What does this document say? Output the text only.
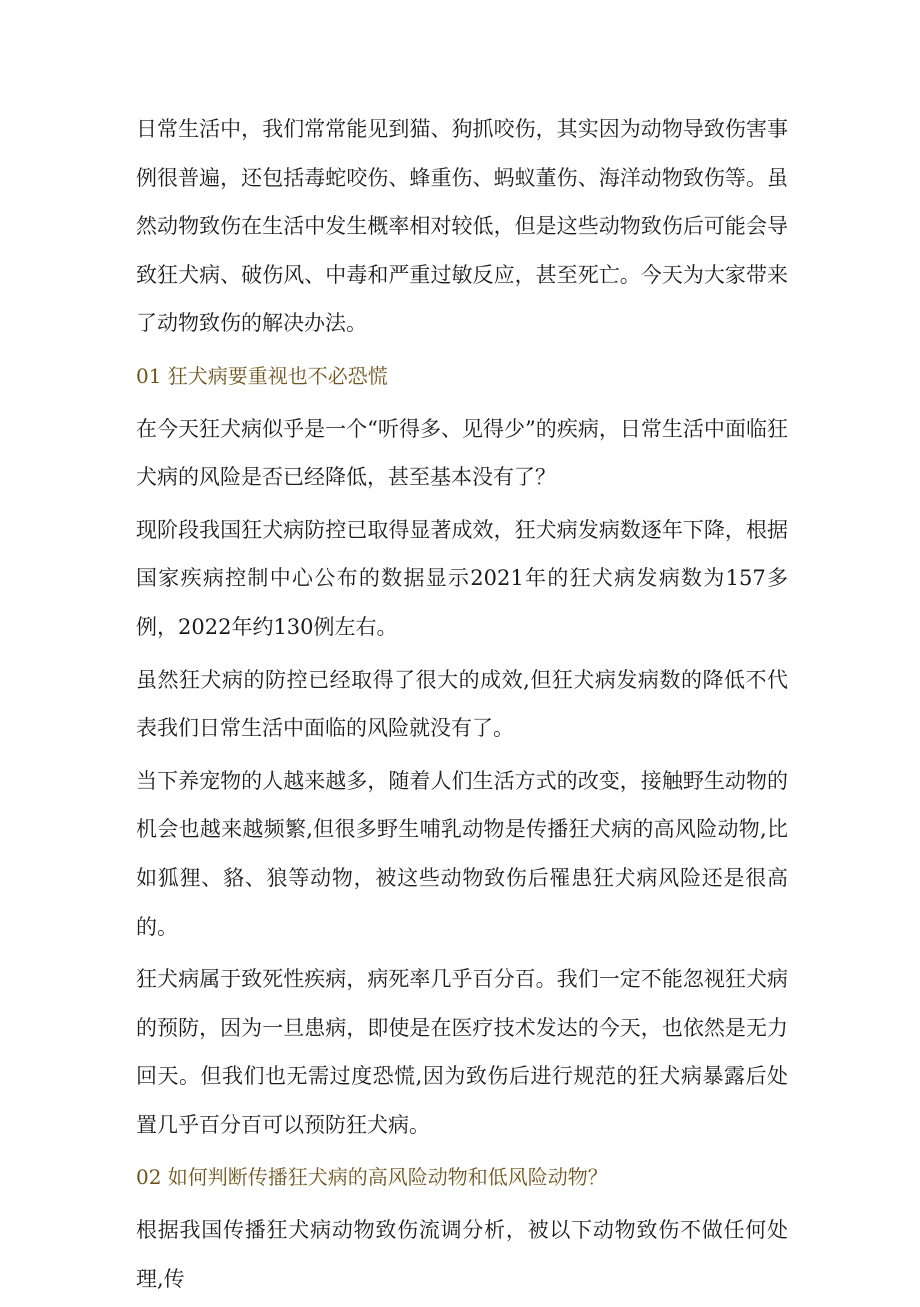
日常生活中，我们常常能见到猫、狗抓咬伤，其实因为动物导致伤害事例很普遍，还包括毒蛇咬伤、蜂重伤、蚂蚁董伤、海洋动物致伤等。虽然动物致伤在生活中发生概率相对较低，但是这些动物致伤后可能会导致狂犬病、破伤风、中毒和严重过敏反应，甚至死亡。今天为大家带来了动物致伤的解决办法。

01 狂犬病要重视也不必恐慌

在今天狂犬病似乎是一个“听得多、见得少”的疾病，日常生活中面临狂犬病的风险是否已经降低，甚至基本没有了？

现阶段我国狂犬病防控已取得显著成效，狂犬病发病数逐年下降，根据国家疾病控制中心公布的数据显示2021年的狂犬病发病数为157多例，2022年约130例左右。

虽然狂犬病的防控已经取得了很大的成效,但狂犬病发病数的降低不代表我们日常生活中面临的风险就没有了。

当下养宠物的人越来越多，随着人们生活方式的改变，接触野生动物的机会也越来越频繁,但很多野生哺乳动物是传播狂犬病的高风险动物,比如狐狸、貉、狼等动物，被这些动物致伤后罹患狂犬病风险还是很高的。

狂犬病属于致死性疾病，病死率几乎百分百。我们一定不能忽视狂犬病的预防，因为一旦患病，即使是在医疗技术发达的今天，也依然是无力回天。但我们也无需过度恐慌,因为致伤后进行规范的狂犬病暴露后处置几乎百分百可以预防狂犬病。

02 如何判断传播狂犬病的高风险动物和低风险动物？

根据我国传播狂犬病动物致伤流调分析，被以下动物致伤不做任何处理,传
